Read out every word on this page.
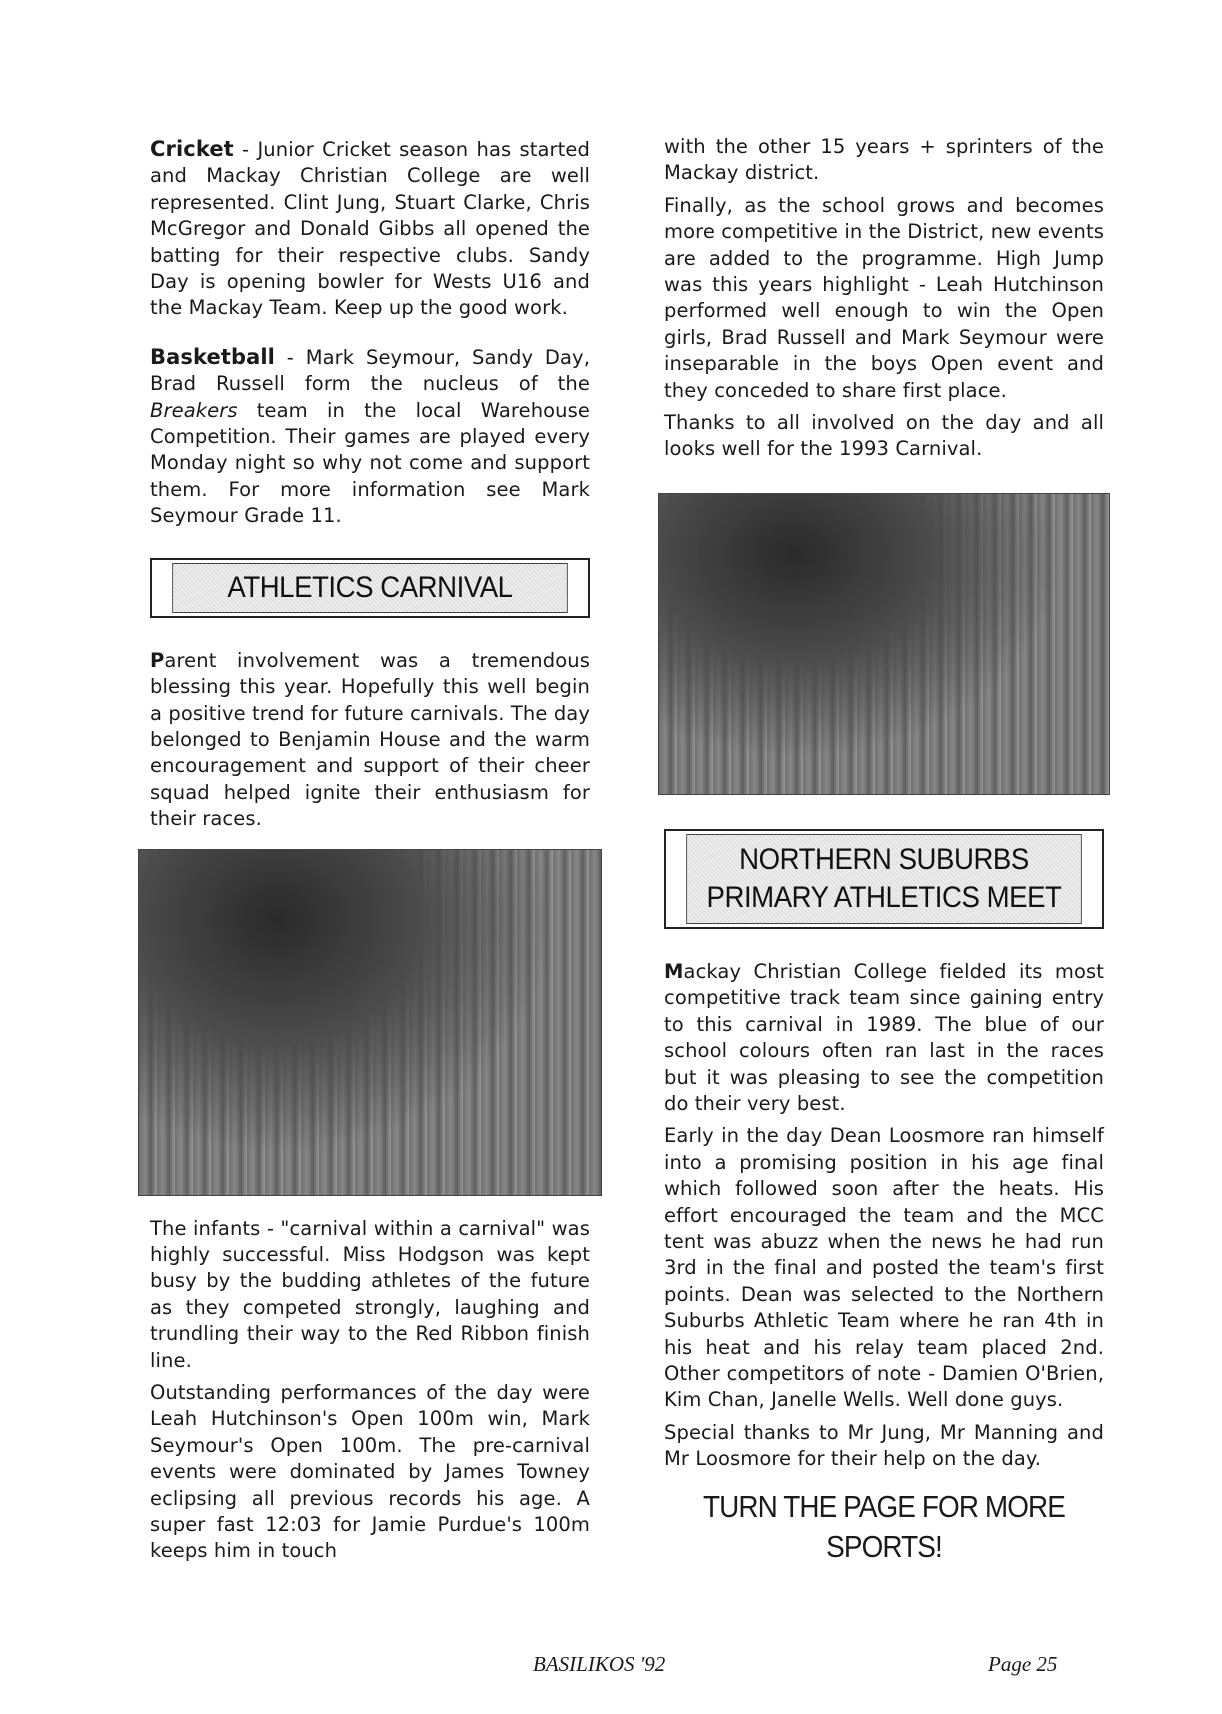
Cricket - Junior Cricket season has started and Mackay Christian College are well represented. Clint Jung, Stuart Clarke, Chris McGregor and Donald Gibbs all opened the batting for their respective clubs. Sandy Day is opening bowler for Wests U16 and the Mackay Team. Keep up the good work.

Basketball - Mark Seymour, Sandy Day, Brad Russell form the nucleus of the Breakers team in the local Warehouse Competition. Their games are played every Monday night so why not come and support them. For more information see Mark Seymour Grade 11.

ATHLETICS CARNIVAL

Parent involvement was a tremendous blessing this year. Hopefully this well begin a positive trend for future carnivals. The day belonged to Benjamin House and the warm encouragement and support of their cheer squad helped ignite their enthusiasm for their races.

The infants - "carnival within a carnival" was highly successful. Miss Hodgson was kept busy by the budding athletes of the future as they competed strongly, laughing and trundling their way to the Red Ribbon finish line.

Outstanding performances of the day were Leah Hutchinson's Open 100m win, Mark Seymour's Open 100m. The pre-carnival events were dominated by James Towney eclipsing all previous records his age. A super fast 12:03 for Jamie Purdue's 100m keeps him in touch

with the other 15 years + sprinters of the Mackay district.

Finally, as the school grows and becomes more competitive in the District, new events are added to the programme. High Jump was this years highlight - Leah Hutchinson performed well enough to win the Open girls, Brad Russell and Mark Seymour were inseparable in the boys Open event and they conceded to share first place.

Thanks to all involved on the day and all looks well for the 1993 Carnival.

NORTHERN SUBURBS
PRIMARY ATHLETICS MEET

Mackay Christian College fielded its most competitive track team since gaining entry to this carnival in 1989. The blue of our school colours often ran last in the races but it was pleasing to see the competition do their very best.

Early in the day Dean Loosmore ran himself into a promising position in his age final which followed soon after the heats. His effort encouraged the team and the MCC tent was abuzz when the news he had run 3rd in the final and posted the team's first points. Dean was selected to the Northern Suburbs Athletic Team where he ran 4th in his heat and his relay team placed 2nd. Other competitors of note - Damien O'Brien, Kim Chan, Janelle Wells. Well done guys.

Special thanks to Mr Jung, Mr Manning and Mr Loosmore for their help on the day.

TURN THE PAGE FOR MORE SPORTS!
BASILIKOS '92	Page 25
